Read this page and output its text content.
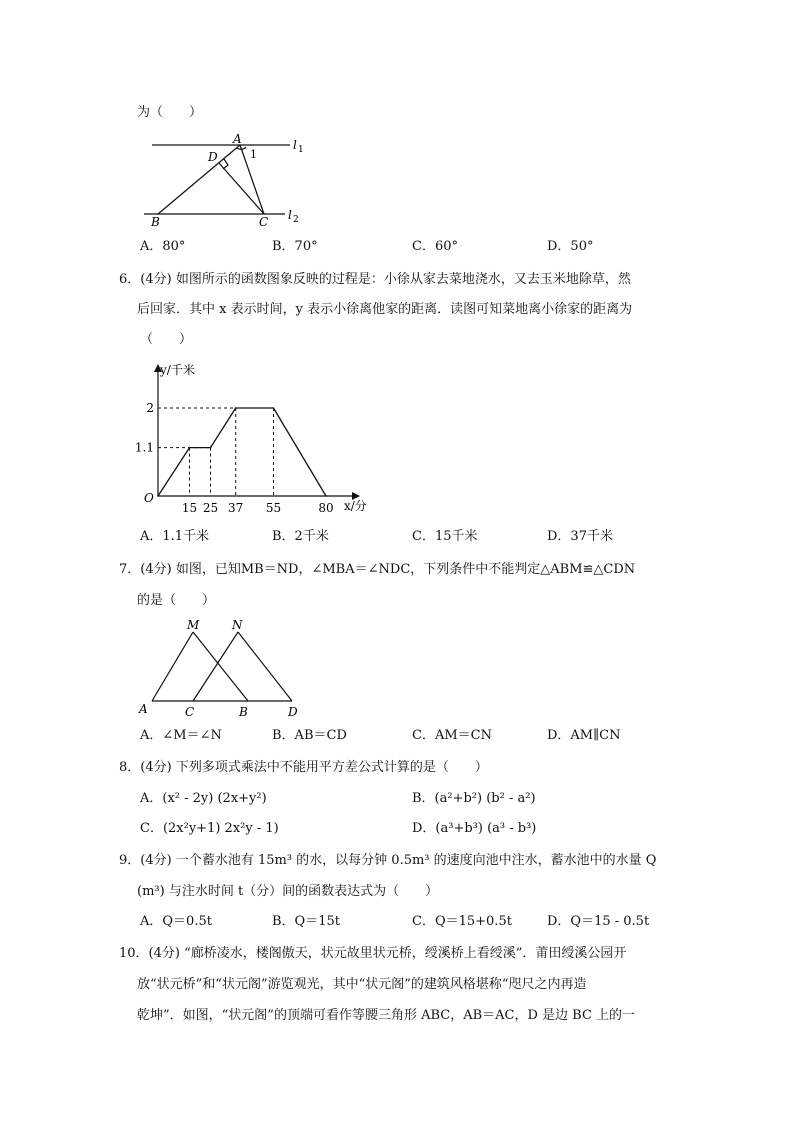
为（　　）
A
D	1
B	C
l 1
l 2
A．80°	B．70°	C．60°	D．50°
6．(4分) 如图所示的函数图象反映的过程是：小徐从家去菜地浇水，又去玉米地除草，然
后回家．其中 x 表示时间，y 表示小徐离他家的距离．读图可知菜地离小徐家的距离为
（　　）
15 25 37 55	80
1.1
2
O
y/千米
x/分
A．1.1千米	B．2千米	C．15千米	D．37千米
7．(4分) 如图，已知MB＝ND，∠MBA＝∠NDC，下列条件中不能判定△ABM≌△CDN
的是（　　）
M	N
A	C	B	D
A．∠M＝∠N	B．AB＝CD	C．AM＝CN	D．AM∥CN
8．(4分) 下列多项式乘法中不能用平方差公式计算的是（　　）
A．(x² - 2y) (2x+y²)	B．(a²+b²) (b² - a²)
C．(2x²y+1) 2x²y - 1)	D．(a³+b³) (a³ - b³)
9．(4分) 一个蓄水池有 15m³ 的水，以每分钟 0.5m³ 的速度向池中注水，蓄水池中的水量 Q
(m³) 与注水时间 t（分）间的函数表达式为（　　）
A．Q＝0.5t	B．Q＝15t	C．Q＝15+0.5t	D．Q＝15 - 0.5t
10．(4分) “廊桥凌水，楼阁傲天，状元故里状元桥，绶溪桥上看绶溪”．莆田绶溪公园开
放“状元桥”和“状元阁”游览观光，其中“状元阁”的建筑风格堪称“咫尺之内再造
乾坤”．如图，“状元阁”的顶端可看作等腰三角形 ABC，AB＝AC，D 是边 BC 上的一
